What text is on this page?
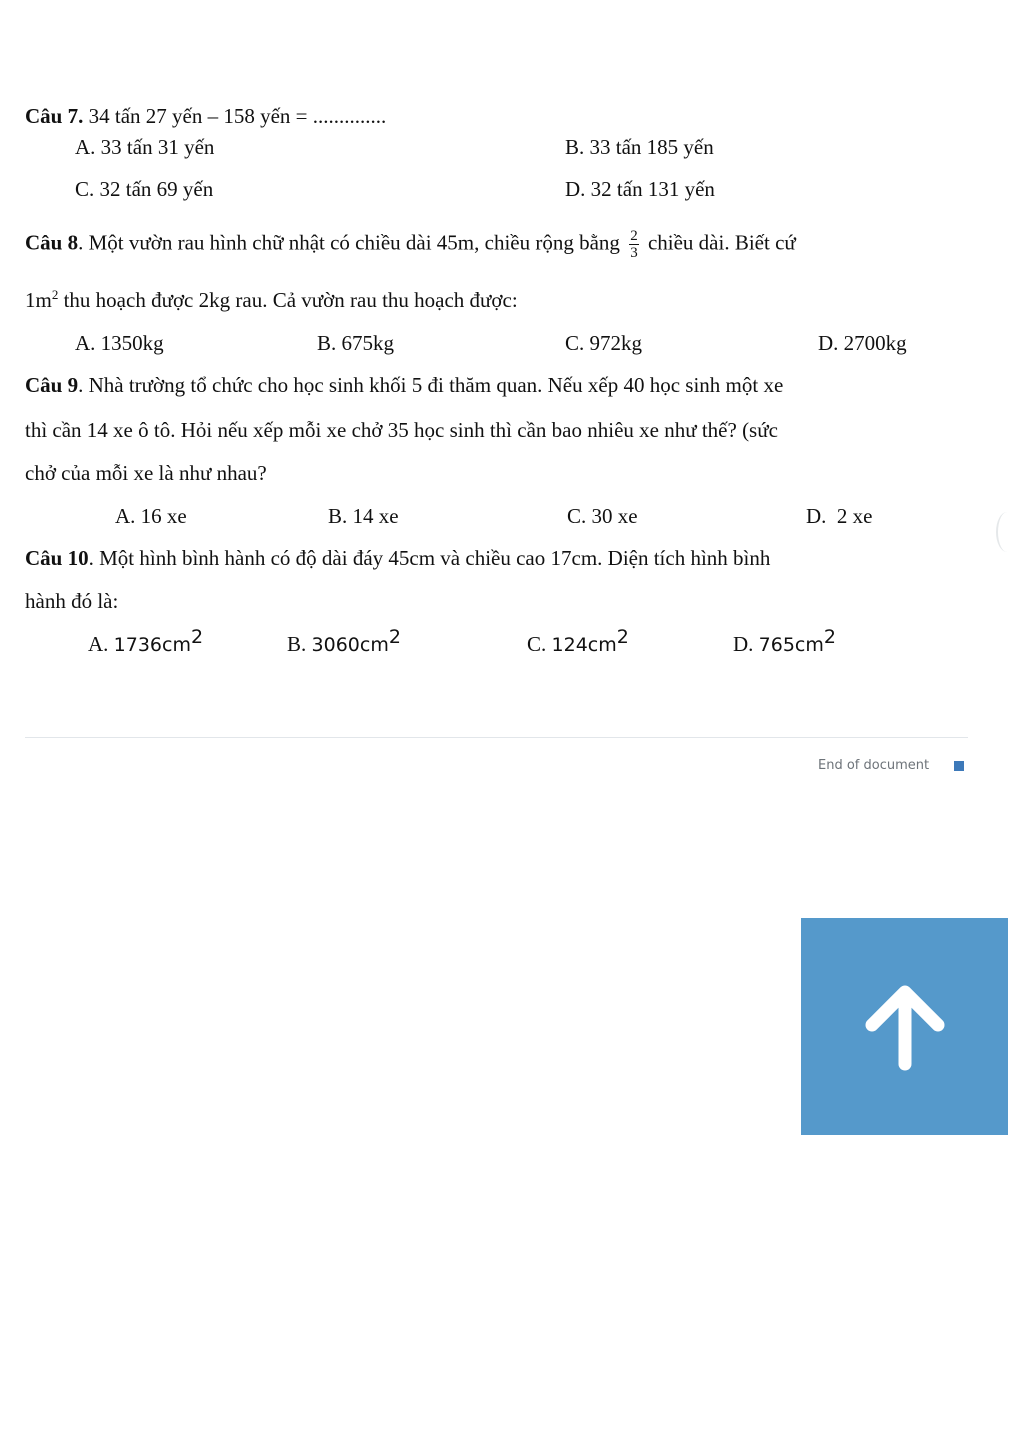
Câu 7. 34 tấn 27 yến – 158 yến = ..............
A. 33 tấn 31 yến	B. 33 tấn 185 yến
C. 32 tấn 69 yến	D. 32 tấn 131 yến
Câu 8. Một vườn rau hình chữ nhật có chiều dài 45m, chiều rộng bằng $\frac{2}{3}$ chiều dài. Biết cứ
$1m^2$ thu hoạch được 2kg rau. Cả vườn rau thu hoạch được:
A. 1350kg	B. 675kg	C. 972kg	D. 2700kg
Câu 9. Nhà trường tổ chức cho học sinh khối 5 đi thăm quan. Nếu xếp 40 học sinh một xe
thì cần 14 xe ô tô. Hỏi nếu xếp mỗi xe chở 35 học sinh thì cần bao nhiêu xe như thế? (sức
chở của mỗi xe là như nhau?
A. 16 xe	B. 14 xe	C. 30 xe	D.  2 xe
Câu 10. Một hình bình hành có độ dài đáy 45cm và chiều cao 17cm. Diện tích hình bình
hành đó là:
A. $1736cm^2$	B. $3060cm^2$	C. $124cm^2$	D. $765cm^2$
End of document
